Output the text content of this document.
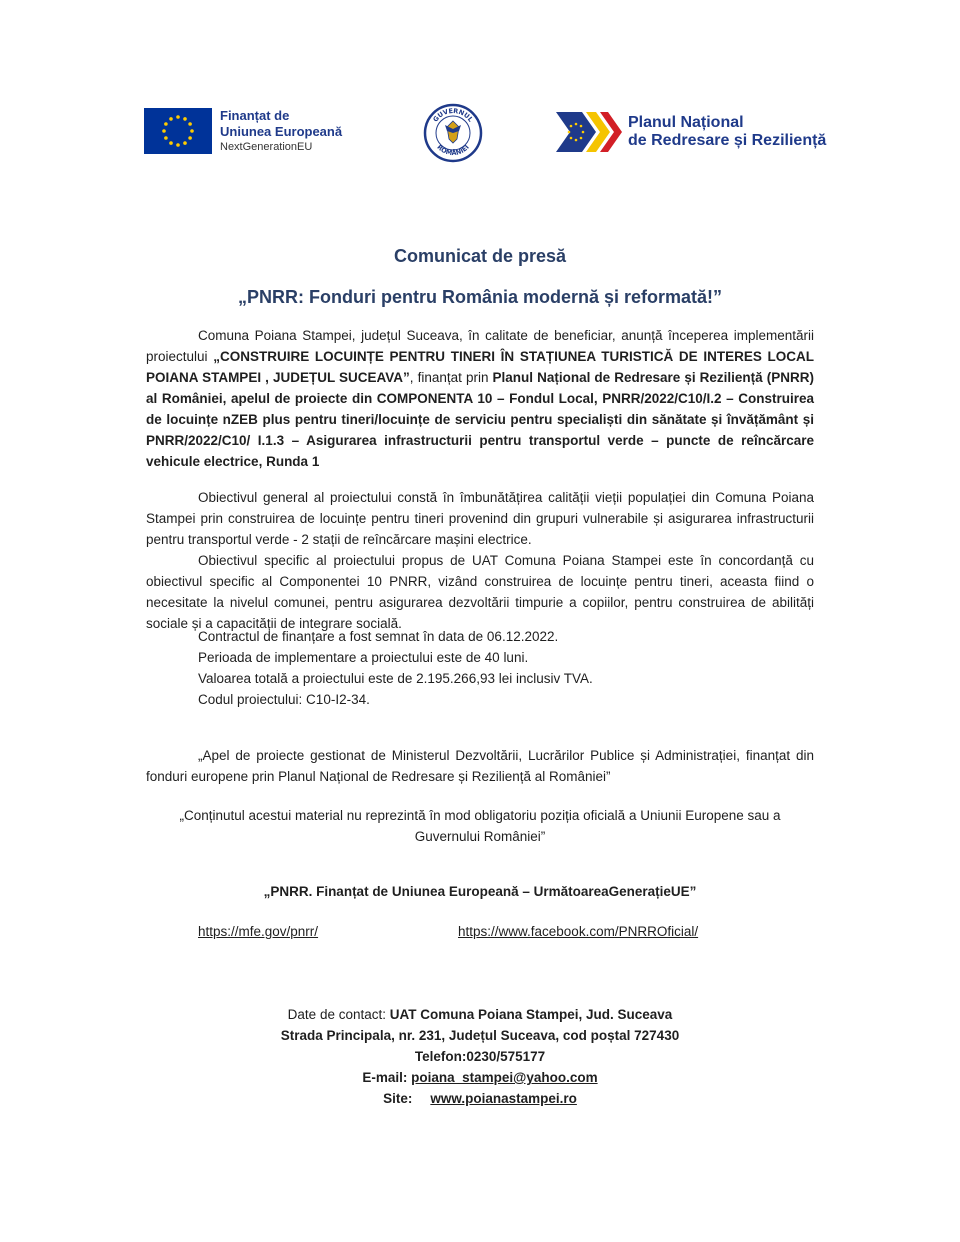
Finanțat de
Uniunea Europeană
NextGenerationEU
GUVERNUL
ROMÂNIEI
Planul Național
de Redresare și Reziliență
Comunicat de presă
„PNRR: Fonduri pentru România modernă și reformată!”

Comuna Poiana Stampei, județul Suceava, în calitate de beneficiar, anunță începerea implementării proiectului „CONSTRUIRE LOCUINȚE PENTRU TINERI ÎN STAȚIUNEA TURISTICĂ DE INTERES LOCAL POIANA STAMPEI , JUDEȚUL SUCEAVA”, finanțat prin Planul Național de Redresare și Reziliență (PNRR) al României, apelul de proiecte din COMPONENTA 10 – Fondul Local, PNRR/2022/C10/I.2 – Construirea de locuințe nZEB plus pentru tineri/locuințe de serviciu pentru specialiști din sănătate și învățământ și PNRR/2022/C10/ I.1.3 – Asigurarea infrastructurii pentru transportul verde – puncte de reîncărcare vehicule electrice, Runda 1

Obiectivul general al proiectului constă în îmbunătățirea calității vieții populației din Comuna Poiana Stampei prin construirea de locuințe pentru tineri provenind din grupuri vulnerabile și asigurarea infrastructurii pentru transportul verde - 2 stații de reîncărcare mașini electrice.

Obiectivul specific al proiectului propus de UAT Comuna Poiana Stampei este în concordanță cu obiectivul specific al Componentei 10 PNRR, vizând construirea de locuințe pentru tineri, aceasta fiind o necesitate la nivelul comunei, pentru asigurarea dezvoltării timpurie a copiilor, pentru construirea de abilități sociale și a capacității de integrare socială.

Contractul de finanțare a fost semnat în data de 06.12.2022.
Perioada de implementare a proiectului este de 40 luni.
Valoarea totală a proiectului este de 2.195.266,93 lei inclusiv TVA.
Codul proiectului: C10-I2-34.
„Apel de proiecte gestionat de Ministerul Dezvoltării, Lucrărilor Publice și Administrației, finanțat din fonduri europene prin Planul Național de Redresare și Reziliență al României”
„Conținutul acestui material nu reprezintă în mod obligatoriu poziția oficială a Uniunii Europene sau a Guvernului României”
„PNRR. Finanțat de Uniunea Europeană – UrmătoareaGenerațieUE”
https://mfe.gov/pnrr/	https://www.facebook.com/PNRROficial/
Date de contact: UAT Comuna Poiana Stampei, Jud. Suceava
Strada Principala, nr. 231, Județul Suceava, cod poștal 727430
Telefon:0230/575177
E-mail: poiana_stampei@yahoo.com
Site: www.poianastampei.ro
